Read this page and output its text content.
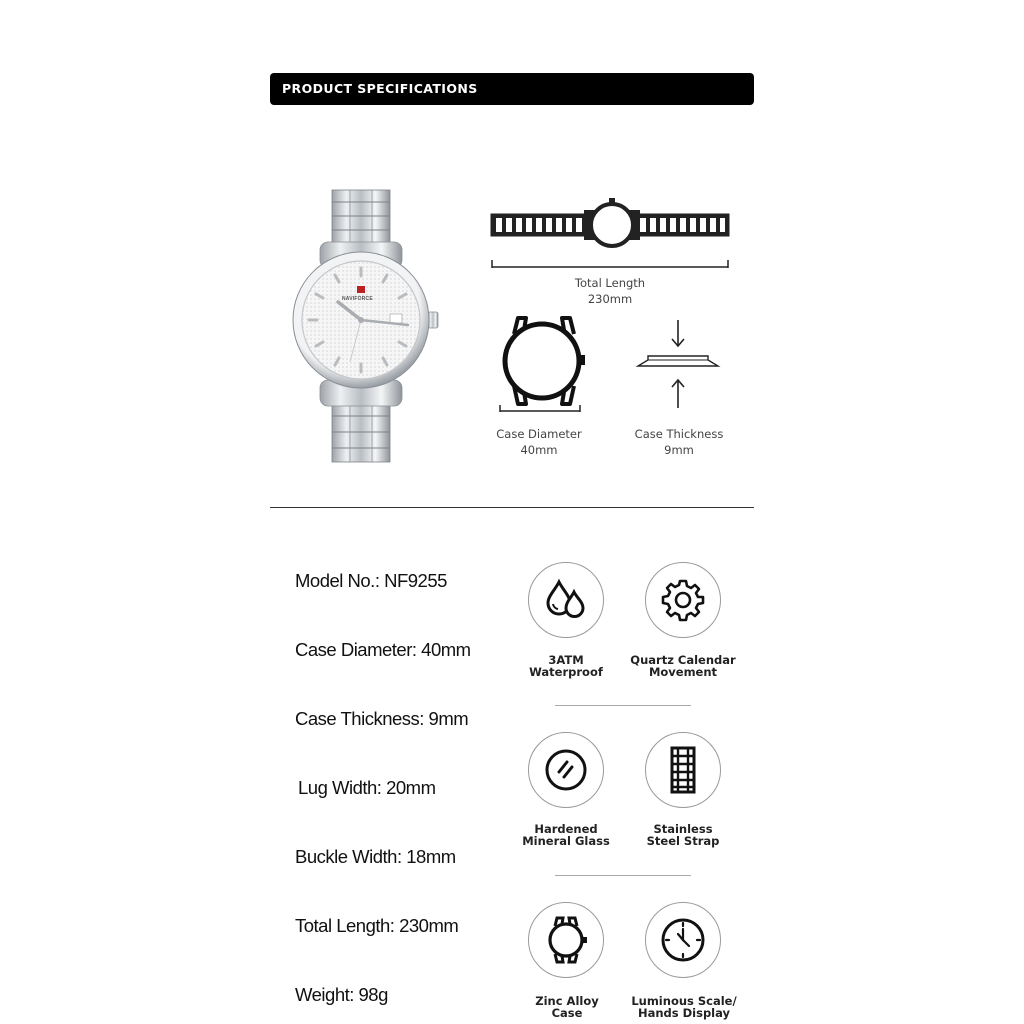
PRODUCT SPECIFICATIONS
NAVIFORCE
Total Length
230mm
Case Diameter
40mm
Case Thickness
9mm
Model No.: NF9255
Case Diameter: 40mm
Case Thickness: 9mm
Lug Width: 20mm
Buckle Width: 18mm
Total Length: 230mm
Weight: 98g
3ATM
Waterproof
Quartz Calendar
Movement
Hardened
Mineral Glass
Stainless
Steel Strap
Zinc Alloy
Case
Luminous Scale/
Hands Display
